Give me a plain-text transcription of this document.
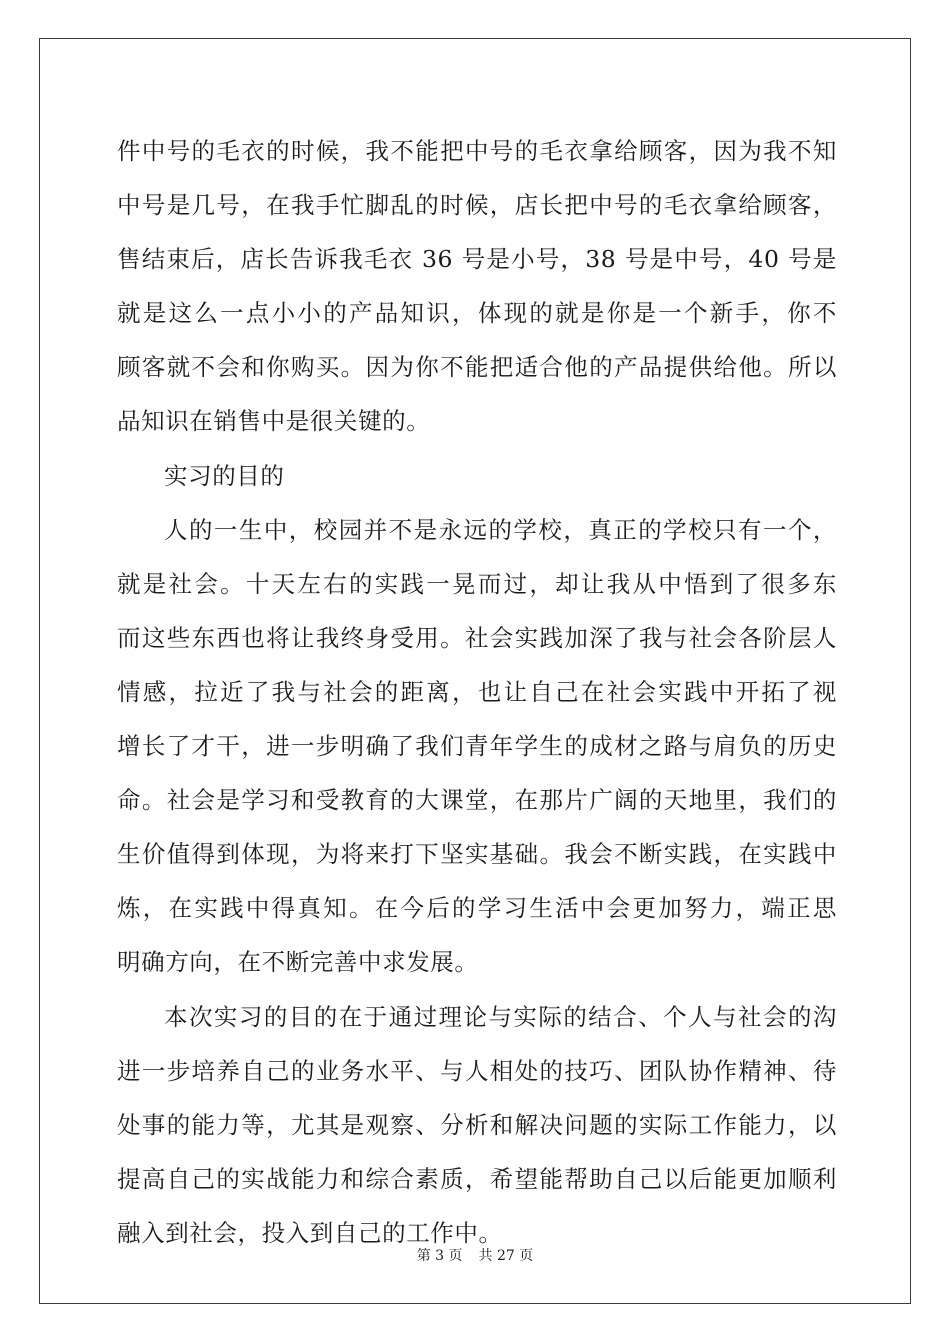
件中号的毛衣的时候，我不能把中号的毛衣拿给顾客，因为我不知
中号是几号，在我手忙脚乱的时候，店长把中号的毛衣拿给顾客，
售结束后，店长告诉我毛衣 36 号是小号，38 号是中号，40 号是
就是这么一点小小的产品知识，体现的就是你是一个新手，你不
顾客就不会和你购买。因为你不能把适合他的产品提供给他。所以
品知识在销售中是很关键的。
实习的目的
人的一生中，校园并不是永远的学校，真正的学校只有一个，
就是社会。十天左右的实践一晃而过，却让我从中悟到了很多东
而这些东西也将让我终身受用。社会实践加深了我与社会各阶层人
情感，拉近了我与社会的距离，也让自己在社会实践中开拓了视
增长了才干，进一步明确了我们青年学生的成材之路与肩负的历史
命。社会是学习和受教育的大课堂，在那片广阔的天地里，我们的
生价值得到体现，为将来打下坚实基础。我会不断实践，在实践中
炼，在实践中得真知。在今后的学习生活中会更加努力，端正思
明确方向，在不断完善中求发展。
本次实习的目的在于通过理论与实际的结合、个人与社会的沟
进一步培养自己的业务水平、与人相处的技巧、团队协作精神、待
处事的能力等，尤其是观察、分析和解决问题的实际工作能力，以
提高自己的实战能力和综合素质，希望能帮助自己以后能更加顺利
融入到社会，投入到自己的工作中。
第 3 页 共 27 页
